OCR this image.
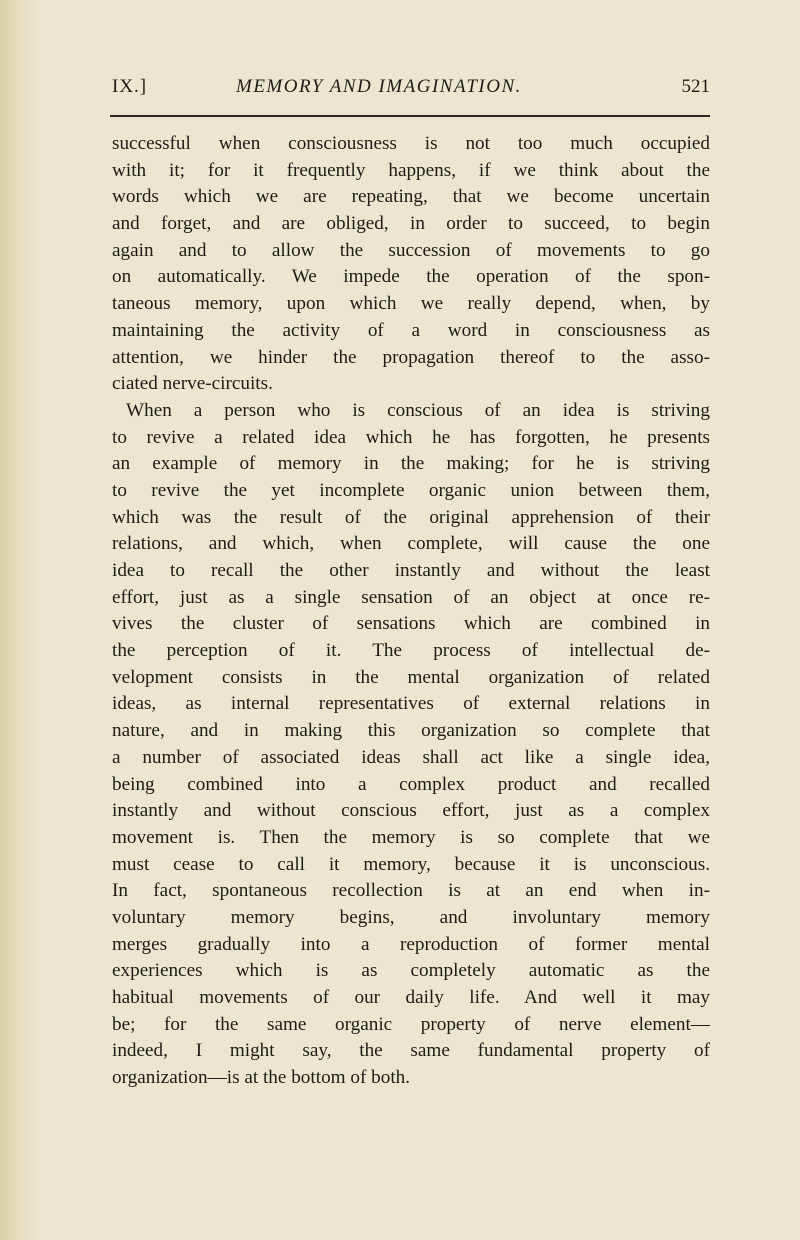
IX.]	MEMORY AND IMAGINATION.	521
successful when consciousness is not too much occupied
with it; for it frequently happens, if we think about the
words which we are repeating, that we become uncertain
and forget, and are obliged, in order to succeed, to begin
again and to allow the succession of movements to go
on automatically. We impede the operation of the spon-
taneous memory, upon which we really depend, when, by
maintaining the activity of a word in consciousness as
attention, we hinder the propagation thereof to the asso-
ciated nerve-circuits.
When a person who is conscious of an idea is striving
to revive a related idea which he has forgotten, he presents
an example of memory in the making; for he is striving
to revive the yet incomplete organic union between them,
which was the result of the original apprehension of their
relations, and which, when complete, will cause the one
idea to recall the other instantly and without the least
effort, just as a single sensation of an object at once re-
vives the cluster of sensations which are combined in
the perception of it. The process of intellectual de-
velopment consists in the mental organization of related
ideas, as internal representatives of external relations in
nature, and in making this organization so complete that
a number of associated ideas shall act like a single idea,
being combined into a complex product and recalled
instantly and without conscious effort, just as a complex
movement is. Then the memory is so complete that we
must cease to call it memory, because it is unconscious.
In fact, spontaneous recollection is at an end when in-
voluntary memory begins, and involuntary memory
merges gradually into a reproduction of former mental
experiences which is as completely automatic as the
habitual movements of our daily life. And well it may
be; for the same organic property of nerve element—
indeed, I might say, the same fundamental property of
organization—is at the bottom of both.
